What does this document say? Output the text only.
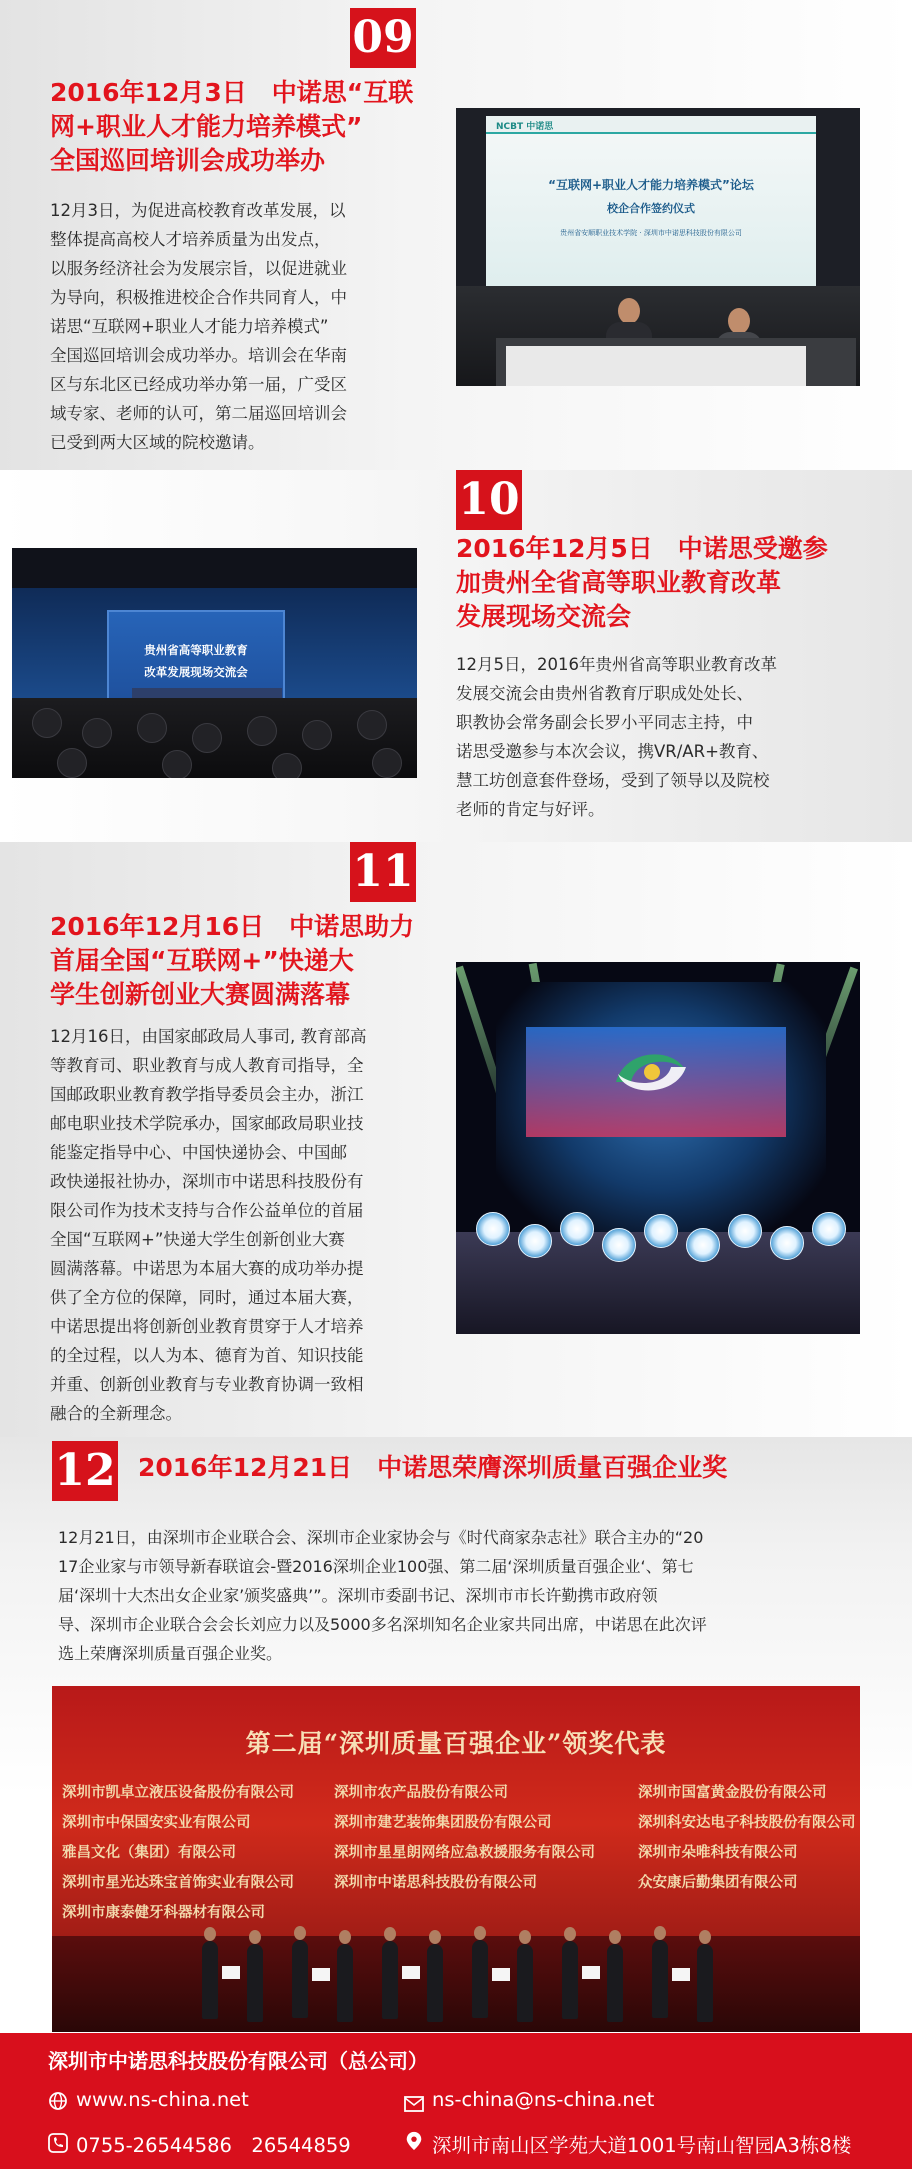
09
2016年12月3日　中诺思“互联
网+职业人才能力培养模式”
全国巡回培训会成功举办
12月3日，为促进高校教育改革发展，以
整体提高高校人才培养质量为出发点，
以服务经济社会为发展宗旨，以促进就业
为导向，积极推进校企合作共同育人，中
诺思“互联网+职业人才能力培养模式”
全国巡回培训会成功举办。培训会在华南
区与东北区已经成功举办第一届，广受区
域专家、老师的认可，第二届巡回培训会
已受到两大区域的院校邀请。
NCBT 中诺思
“互联网+职业人才能力培养模式”论坛
校企合作签约仪式
贵州省安顺职业技术学院 · 深圳市中诺思科技股份有限公司
10
2016年12月5日　中诺思受邀参
加贵州全省高等职业教育改革
发展现场交流会
12月5日，2016年贵州省高等职业教育改革
发展交流会由贵州省教育厅职成处处长、
职教协会常务副会长罗小平同志主持，中
诺思受邀参与本次会议，携VR/AR+教育、
慧工坊创意套件登场，受到了领导以及院校
老师的肯定与好评。
贵州省高等职业教育
改革发展现场交流会
11
2016年12月16日　中诺思助力
首届全国“互联网+”快递大
学生创新创业大赛圆满落幕
12月16日，由国家邮政局人事司, 教育部高
等教育司、职业教育与成人教育司指导，全
国邮政职业教育教学指导委员会主办，浙江
邮电职业技术学院承办，国家邮政局职业技
能鉴定指导中心、中国快递协会、中国邮
政快递报社协办，深圳市中诺思科技股份有
限公司作为技术支持与合作公益单位的首届
全国“互联网+”快递大学生创新创业大赛
圆满落幕。中诺思为本届大赛的成功举办提
供了全方位的保障，同时，通过本届大赛，
中诺思提出将创新创业教育贯穿于人才培养
的全过程，以人为本、德育为首、知识技能
并重、创新创业教育与专业教育协调一致相
融合的全新理念。
12 2016年12月21日　中诺思荣膺深圳质量百强企业奖
12月21日，由深圳市企业联合会、深圳市企业家协会与《时代商家杂志社》联合主办的“20
17企业家与市领导新春联谊会-暨2016深圳企业100强、第二届‘深圳质量百强企业‘、第七
届‘深圳十大杰出女企业家’颁奖盛典’”。深圳市委副书记、深圳市市长许勤携市政府领
导、深圳市企业联合会会长刘应力以及5000多名深圳知名企业家共同出席，中诺思在此次评
选上荣膺深圳质量百强企业奖。
第二届“深圳质量百强企业”领奖代表
深圳市凯卓立液压设备股份有限公司
深圳市中保国安实业有限公司
雅昌文化（集团）有限公司
深圳市星光达珠宝首饰实业有限公司
深圳市康泰健牙科器材有限公司
深圳市农产品股份有限公司
深圳市建艺装饰集团股份有限公司
深圳市星星朗网络应急救援服务有限公司
深圳市中诺思科技股份有限公司
深圳市国富黄金股份有限公司
深圳科安达电子科技股份有限公司
深圳市朵唯科技有限公司
众安康后勤集团有限公司
深圳市中诺思科技股份有限公司（总公司）
www.ns-china.net	ns-china@ns-china.net
0755-26544586　26544859	深圳市南山区学苑大道1001号南山智园A3栋8楼
